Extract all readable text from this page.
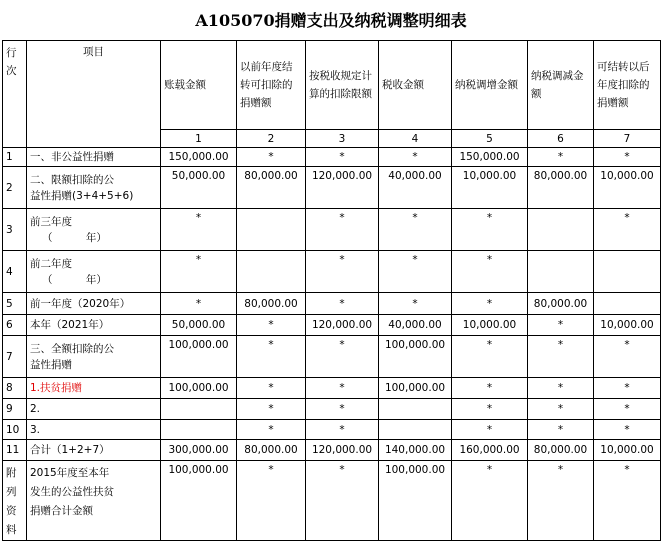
A105070捐赠支出及纳税调整明细表
行次	项目	账载金额	以前年度结转可扣除的捐赠额	按税收规定计算的扣除限额	税收金额	纳税调增金额	纳税调减金额	可结转以后年度扣除的捐赠额
		1	2	3	4	5	6	7
1	一、非公益性捐赠	150,000.00	*	*	*	150,000.00	*	*
2	二、限额扣除的公
益性捐赠(3+4+5+6)	50,000.00	80,000.00	120,000.00	40,000.00	10,000.00	80,000.00	10,000.00
3	前三年度
（          年）	*		*	*	*		*
4	前二年度
（          年）	*		*	*	*		
5	前一年度（2020年）	*	80,000.00	*	*	*	80,000.00	
6	本年（2021年）	50,000.00	*	120,000.00	40,000.00	10,000.00	*	10,000.00
7	三、全额扣除的公
益性捐赠	100,000.00	*	*	100,000.00	*	*	*
8	1.扶贫捐赠	100,000.00	*	*	100,000.00	*	*	*
9	2.		*	*		*	*	*
10	3.		*	*		*	*	*
11	合计（1+2+7）	300,000.00	80,000.00	120,000.00	140,000.00	160,000.00	80,000.00	10,000.00
附列资料	2015年度至本年
发生的公益性扶贫
捐赠合计金额	100,000.00	*	*	100,000.00	*	*	*
